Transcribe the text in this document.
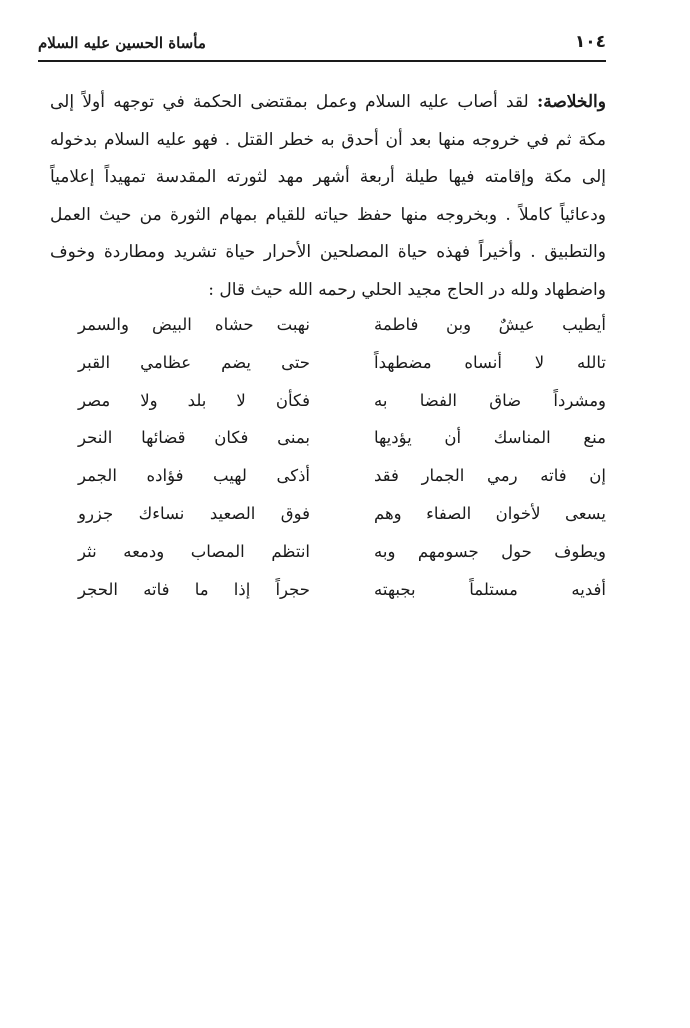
١٠٤
مأساة الحسين عليه السلام
والخلاصة: لقد أصاب عليه السلام وعمل بمقتضى الحكمة في توجهه أولاً إلى مكة ثم في خروجه منها بعد أن أحدق به خطر القتل . فهو عليه السلام بدخوله إلى مكة وإقامته فيها طيلة أربعة أشهر مهد لثورته المقدسة تمهيداً إعلامياً ودعائياً كاملاً . وبخروجه منها حفظ حياته للقيام بمهام الثورة من حيث العمل والتطبيق . وأخيراً فهذه حياة المصلحين الأحرار حياة تشريد ومطاردة وخوف واضطهاد ولله در الحاج مجيد الحلي رحمه الله حيث قال :
أيطيب عيشٌ وبن فاطمة
نهبت حشاه البيض والسمر
تالله لا أنساه مضطهداً
حتى يضم عظامي القبر
ومشرداً ضاق الفضا به
فكأن لا بلد ولا مصر
منع المناسك أن يؤديها
بمنى فكان قضائها النحر
إن فاته رمي الجمار فقد
أذكى لهيب فؤاده الجمر
يسعى لأخوان الصفاء وهم
فوق الصعيد نساءك جزرو
ويطوف حول جسومهم وبه
انتظم المصاب ودمعه نثر
أفديه مستلماً بجبهته
حجراً إذا ما فاته الحجر
